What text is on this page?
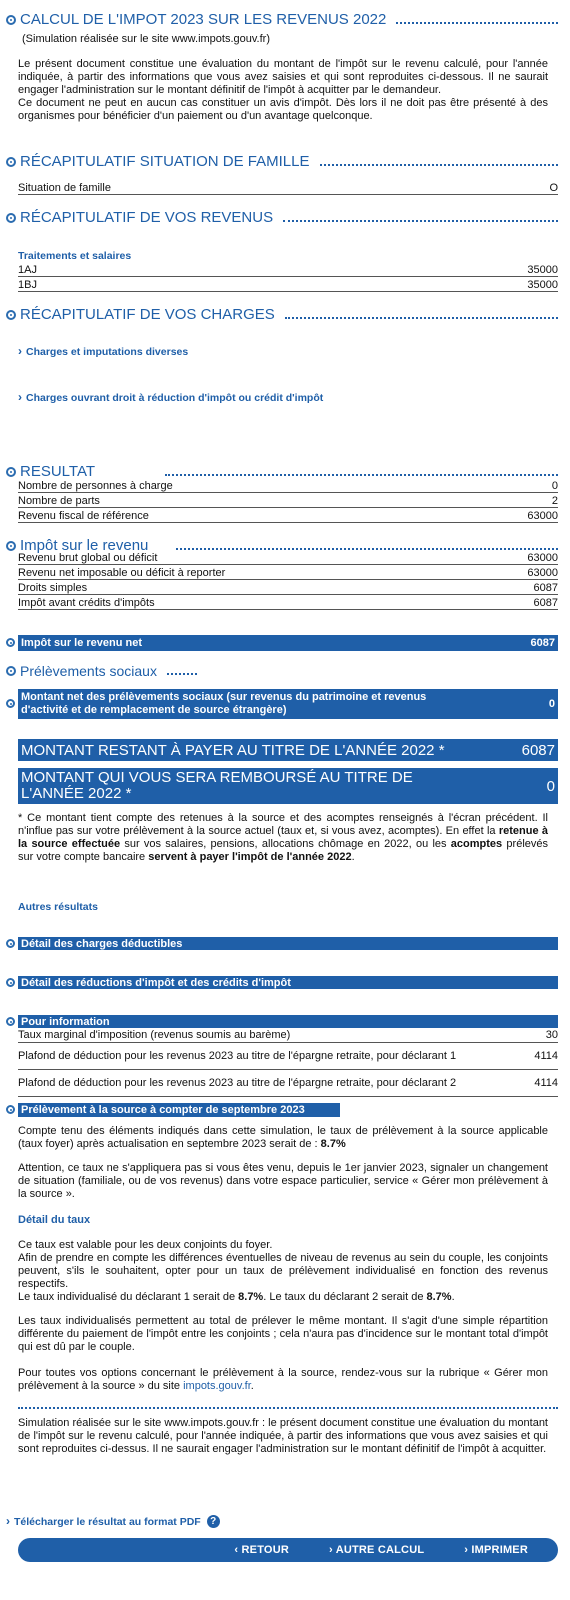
CALCUL DE L'IMPOT 2023 SUR LES REVENUS 2022
(Simulation réalisée sur le site www.impots.gouv.fr)
Le présent document constitue une évaluation du montant de l'impôt sur le revenu calculé, pour l'année indiquée, à partir des informations que vous avez saisies et qui sont reproduites ci-dessous. Il ne saurait engager l'administration sur le montant définitif de l'impôt à acquitter par le demandeur.
Ce document ne peut en aucun cas constituer un avis d'impôt. Dès lors il ne doit pas être présenté à des organismes pour bénéficier d'un paiement ou d'un avantage quelconque.
RÉCAPITULATIF SITUATION DE FAMILLE
Situation de famille	O
RÉCAPITULATIF DE VOS REVENUS
Traitements et salaires
1AJ	35000
1BJ	35000
RÉCAPITULATIF DE VOS CHARGES
› Charges et imputations diverses
› Charges ouvrant droit à réduction d'impôt ou crédit d'impôt
RESULTAT
Nombre de personnes à charge	0
Nombre de parts	2
Revenu fiscal de référence	63000
Impôt sur le revenu
Revenu brut global ou déficit	63000
Revenu net imposable ou déficit à reporter	63000
Droits simples	6087
Impôt avant crédits d'impôts	6087
Impôt sur le revenu net	6087
Prélèvements sociaux
Montant net des prélèvements sociaux (sur revenus du patrimoine et revenus d'activité et de remplacement de source étrangère)	0
MONTANT RESTANT À PAYER AU TITRE DE L'ANNÉE 2022 *	6087
MONTANT QUI VOUS SERA REMBOURSÉ AU TITRE DE L'ANNÉE 2022 *	0
* Ce montant tient compte des retenues à la source et des acomptes renseignés à l'écran précédent. Il n'influe pas sur votre prélèvement à la source actuel (taux et, si vous avez, acomptes). En effet la retenue à la source effectuée sur vos salaires, pensions, allocations chômage en 2022, ou les acomptes prélevés sur votre compte bancaire servent à payer l'impôt de l'année 2022.
Autres résultats
Détail des charges déductibles
Détail des réductions d'impôt et des crédits d'impôt
Pour information
Taux marginal d'imposition (revenus soumis au barème)	30
Plafond de déduction pour les revenus 2023 au titre de l'épargne retraite, pour déclarant 1	4114
Plafond de déduction pour les revenus 2023 au titre de l'épargne retraite, pour déclarant 2	4114
Prélèvement à la source à compter de septembre 2023
Compte tenu des éléments indiqués dans cette simulation, le taux de prélèvement à la source applicable (taux foyer) après actualisation en septembre 2023 serait de : 8.7%
Attention, ce taux ne s'appliquera pas si vous êtes venu, depuis le 1er janvier 2023, signaler un changement de situation (familiale, ou de vos revenus) dans votre espace particulier, service « Gérer mon prélèvement à la source ».
Détail du taux
Ce taux est valable pour les deux conjoints du foyer.
Afin de prendre en compte les différences éventuelles de niveau de revenus au sein du couple, les conjoints peuvent, s'ils le souhaitent, opter pour un taux de prélèvement individualisé en fonction des revenus respectifs.
Le taux individualisé du déclarant 1 serait de 8.7%. Le taux du déclarant 2 serait de 8.7%.
Les taux individualisés permettent au total de prélever le même montant. Il s'agit d'une simple répartition différente du paiement de l'impôt entre les conjoints ; cela n'aura pas d'incidence sur le montant total d'impôt qui est dû par le couple.
Pour toutes vos options concernant le prélèvement à la source, rendez-vous sur la rubrique « Gérer mon prélèvement à la source » du site impots.gouv.fr.
Simulation réalisée sur le site www.impots.gouv.fr : le présent document constitue une évaluation du montant de l'impôt sur le revenu calculé, pour l'année indiquée, à partir des informations que vous avez saisies et qui sont reproduites ci-dessus. Il ne saurait engager l'administration sur le montant définitif de l'impôt à acquitter.
› Télécharger le résultat au format PDF ?
‹ RETOUR	› AUTRE CALCUL	› IMPRIMER
